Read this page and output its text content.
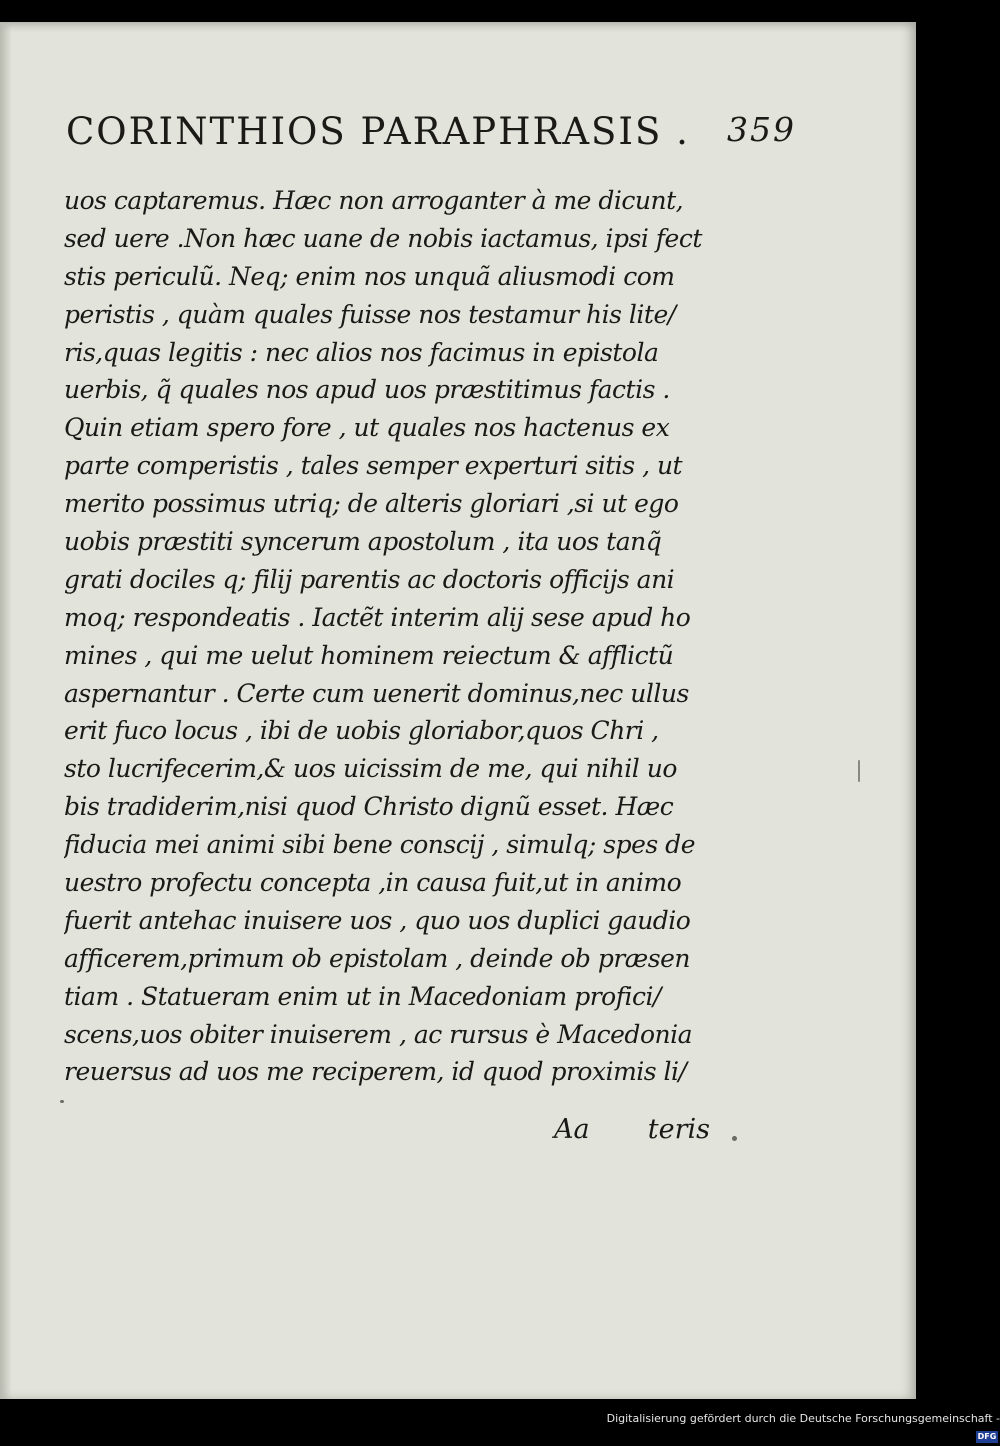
CORINTHIOS PARAPHRASIS . 359
uos captaremus. Hæc non arroganter à me dicunt,
sed uere .Non hæc uane de nobis iactamus, ipsi fect
stis periculũ. Neq; enim nos unquã aliusmodi com
peristis , quàm quales fuisse nos testamur his lite/
ris,quas legitis : nec alios nos facimus in epistola
uerbis, q̃ quales nos apud uos præstitimus factis .
Quin etiam spero fore , ut quales nos hactenus ex
parte comperistis , tales semper experturi sitis , ut
merito possimus utriq; de alteris gloriari ,si ut ego
uobis præstiti syncerum apostolum , ita uos tanq̃
grati dociles q; filij parentis ac doctoris officijs ani
moq; respondeatis . Iactẽt interim alij sese apud ho
mines , qui me uelut hominem reiectum & afflictũ
aspernantur . Certe cum uenerit dominus,nec ullus
erit fuco locus , ibi de uobis gloriabor,quos Chri ,
sto lucrifecerim,& uos uicissim de me, qui nihil uo
bis tradiderim,nisi quod Christo dignũ esset. Hæc
fiducia mei animi sibi bene conscij , simulq; spes de
uestro profectu concepta ,in causa fuit,ut in animo
fuerit antehac inuisere uos , quo uos duplici gaudio
afficerem,primum ob epistolam , deinde ob præsen
tiam . Statueram enim ut in Macedoniam profici/
scens,uos obiter inuiserem , ac rursus è Macedonia
reuersus ad uos me reciperem, id quod proximis li/
Aa teris
Digitalisierung gefördert durch die Deutsche Forschungsgemeinschaft - DFG
